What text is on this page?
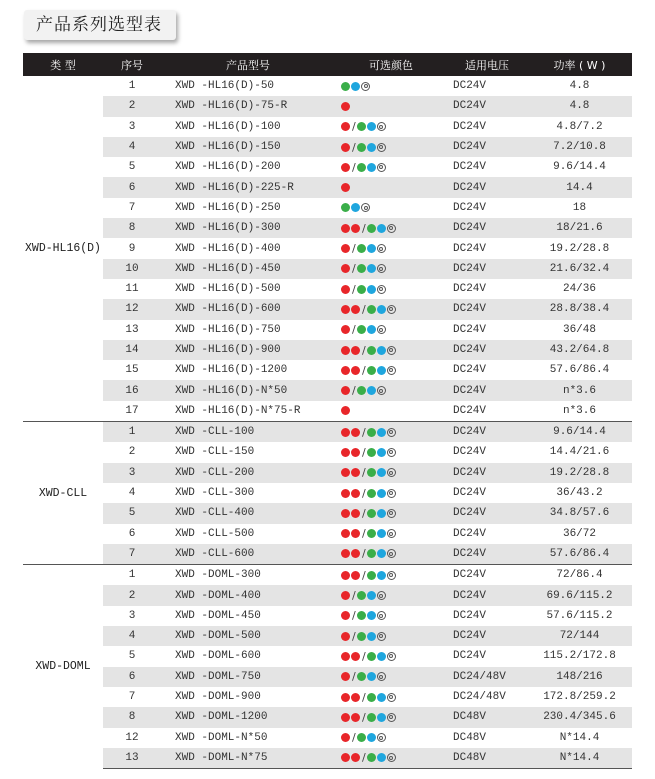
产品系列选型表
类 型	序号	产品型号	可选颜色	适用电压	功率 ( W )
XWD-HL16(D)	1	XWD -HL16(D)-50		DC24V	4.8
	2	XWD -HL16(D)-75-R		DC24V	4.8
	3	XWD -HL16(D)-100	/	DC24V	4.8/7.2
	4	XWD -HL16(D)-150	/	DC24V	7.2/10.8
	5	XWD -HL16(D)-200	/	DC24V	9.6/14.4
	6	XWD -HL16(D)-225-R		DC24V	14.4
	7	XWD -HL16(D)-250		DC24V	18
	8	XWD -HL16(D)-300	/	DC24V	18/21.6
	9	XWD -HL16(D)-400	/	DC24V	19.2/28.8
	10	XWD -HL16(D)-450	/	DC24V	21.6/32.4
	11	XWD -HL16(D)-500	/	DC24V	24/36
	12	XWD -HL16(D)-600	/	DC24V	28.8/38.4
	13	XWD -HL16(D)-750	/	DC24V	36/48
	14	XWD -HL16(D)-900	/	DC24V	43.2/64.8
	15	XWD -HL16(D)-1200	/	DC24V	57.6/86.4
	16	XWD -HL16(D)-N*50	/	DC24V	n*3.6
	17	XWD -HL16(D)-N*75-R		DC24V	n*3.6
XWD-CLL	1	XWD -CLL-100	/	DC24V	9.6/14.4
	2	XWD -CLL-150	/	DC24V	14.4/21.6
	3	XWD -CLL-200	/	DC24V	19.2/28.8
	4	XWD -CLL-300	/	DC24V	36/43.2
	5	XWD -CLL-400	/	DC24V	34.8/57.6
	6	XWD -CLL-500	/	DC24V	36/72
	7	XWD -CLL-600	/	DC24V	57.6/86.4
XWD-DOML	1	XWD -DOML-300	/	DC24V	72/86.4
	2	XWD -DOML-400	/	DC24V	69.6/115.2
	3	XWD -DOML-450	/	DC24V	57.6/115.2
	4	XWD -DOML-500	/	DC24V	72/144
	5	XWD -DOML-600	/	DC24V	115.2/172.8
	6	XWD -DOML-750	/	DC24/48V	148/216
	7	XWD -DOML-900	/	DC24/48V	172.8/259.2
	8	XWD -DOML-1200	/	DC48V	230.4/345.6
	12	XWD -DOML-N*50	/	DC48V	N*14.4
	13	XWD -DOML-N*75	/	DC48V	N*14.4
